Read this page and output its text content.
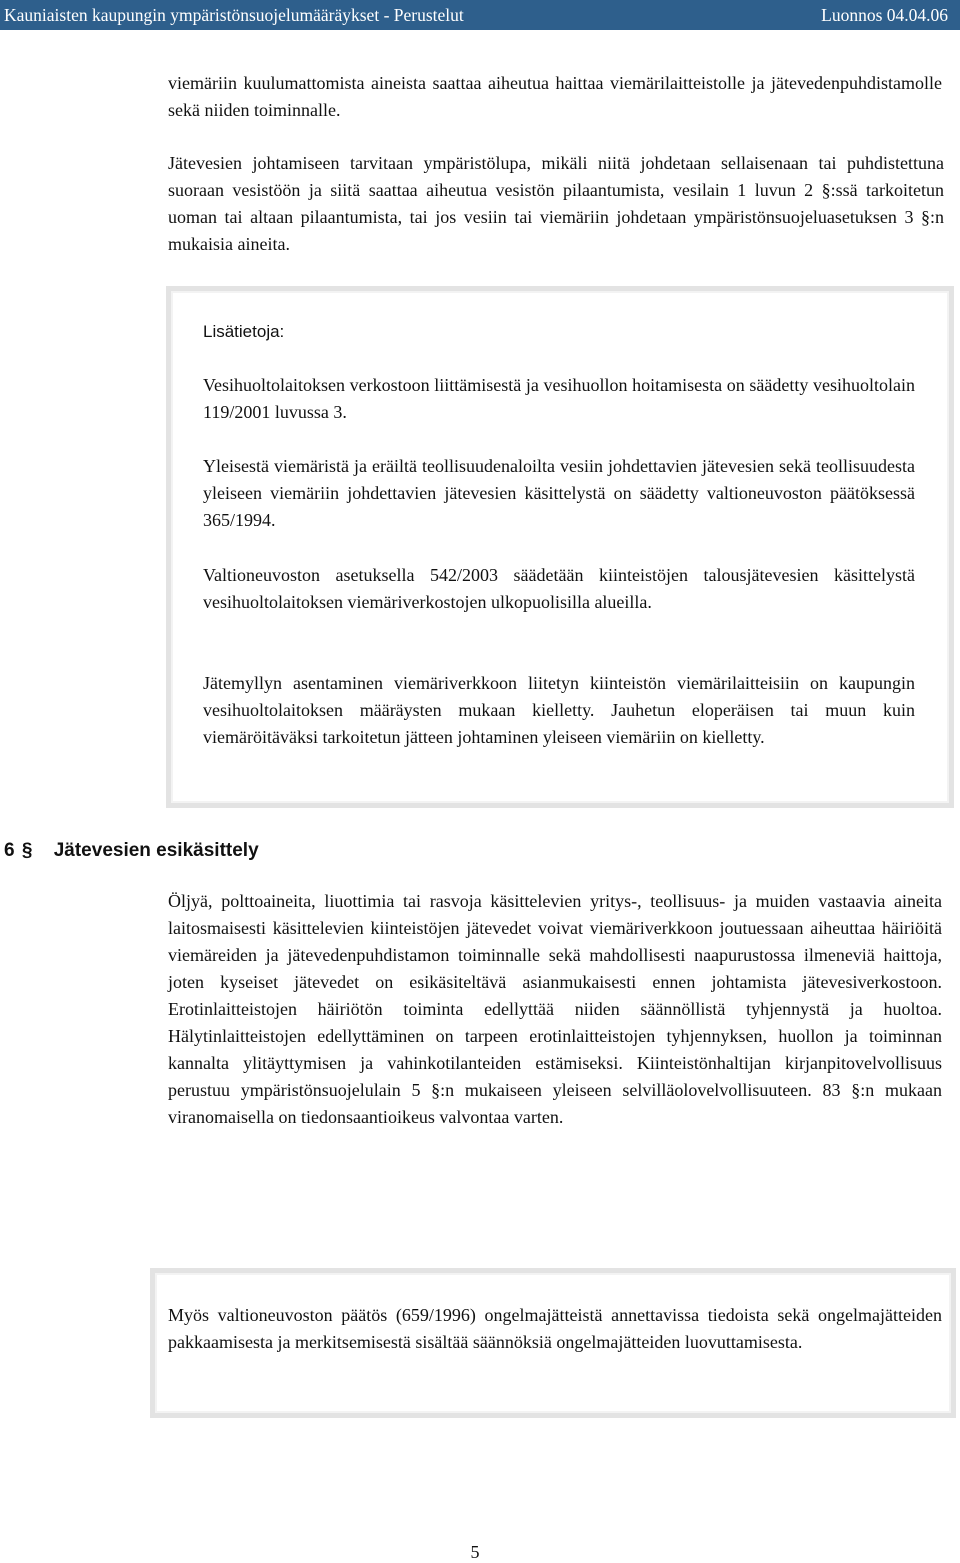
Kauniaisten kaupungin ympäristönsuojelumääräykset - Perustelut	Luonnos 04.04.06

viemäriin kuulumattomista aineista saattaa aiheutua haittaa viemärilaitteistolle ja jätevedenpuhdistamolle sekä niiden toiminnalle.

Jätevesien johtamiseen tarvitaan ympäristölupa, mikäli niitä johdetaan sellaisenaan tai puhdistettuna suoraan vesistöön ja siitä saattaa aiheutua vesistön pilaantumista, vesilain 1 luvun 2 §:ssä tarkoitetun uoman tai altaan pilaantumista, tai jos vesiin tai viemäriin johdetaan ympäristönsuojeluasetuksen 3 §:n mukaisia aineita.

Lisätietoja:

Vesihuoltolaitoksen verkostoon liittämisestä ja vesihuollon hoitamisesta on säädetty vesihuoltolain 119/2001 luvussa 3.

Yleisestä viemäristä ja eräiltä teollisuudenaloilta vesiin johdettavien jätevesien sekä teollisuudesta yleiseen viemäriin johdettavien jätevesien käsittelystä on säädetty valtioneuvoston päätöksessä 365/1994.

Valtioneuvoston asetuksella 542/2003 säädetään kiinteistöjen talousjätevesien käsittelystä vesihuoltolaitoksen viemäriverkostojen ulkopuolisilla alueilla.

Jätemyllyn asentaminen viemäriverkkoon liitetyn kiinteistön viemärilaitteisiin on kaupungin vesihuoltolaitoksen määräysten mukaan kielletty. Jauhetun eloperäisen tai muun kuin viemäröitäväksi tarkoitetun jätteen johtaminen yleiseen viemäriin on kielletty.

6 § Jätevesien esikäsittely

Öljyä, polttoaineita, liuottimia tai rasvoja käsittelevien yritys-, teollisuus- ja muiden vastaavia aineita laitosmaisesti käsittelevien kiinteistöjen jätevedet voivat viemäriverkkoon joutuessaan aiheuttaa häiriöitä viemäreiden ja jätevedenpuhdistamon toiminnalle sekä mahdollisesti naapurustossa ilmeneviä haittoja, joten kyseiset jätevedet on esikäsiteltävä asianmukaisesti ennen johtamista jätevesiverkostoon. Erotinlaitteistojen häiriötön toiminta edellyttää niiden säännöllistä tyhjennystä ja huoltoa. Hälytinlaitteistojen edellyttäminen on tarpeen erotinlaitteistojen tyhjennyksen, huollon ja toiminnan kannalta ylitäyttymisen ja vahinkotilanteiden estämiseksi. Kiinteistönhaltijan kirjanpitovelvollisuus perustuu ympäristönsuojelulain 5 §:n mukaiseen yleiseen selvilläolovelvollisuuteen. 83 §:n mukaan viranomaisella on tiedonsaantioikeus valvontaa varten.

Myös valtioneuvoston päätös (659/1996) ongelmajätteistä annettavissa tiedoista sekä ongelmajätteiden pakkaamisesta ja merkitsemisestä sisältää säännöksiä ongelmajätteiden luovuttamisesta.

5
